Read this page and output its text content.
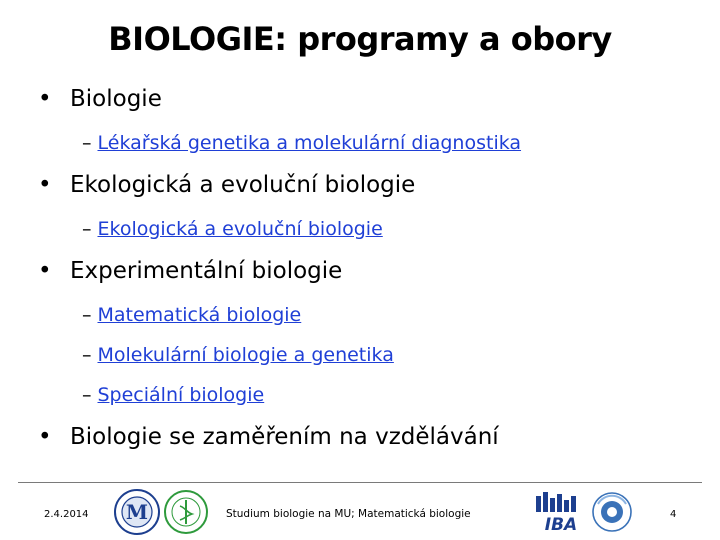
BIOLOGIE: programy a obory
• Biologie
– Lékařská genetika a molekulární diagnostika
• Ekologická a evoluční biologie
– Ekologická a evoluční biologie
• Experimentální biologie
– Matematická biologie
– Molekulární biologie a genetika
– Speciální biologie
• Biologie se zaměřením na vzdělávání
2.4.2014 M	Studium biologie na MU; Matematická biologie
IBA
4
